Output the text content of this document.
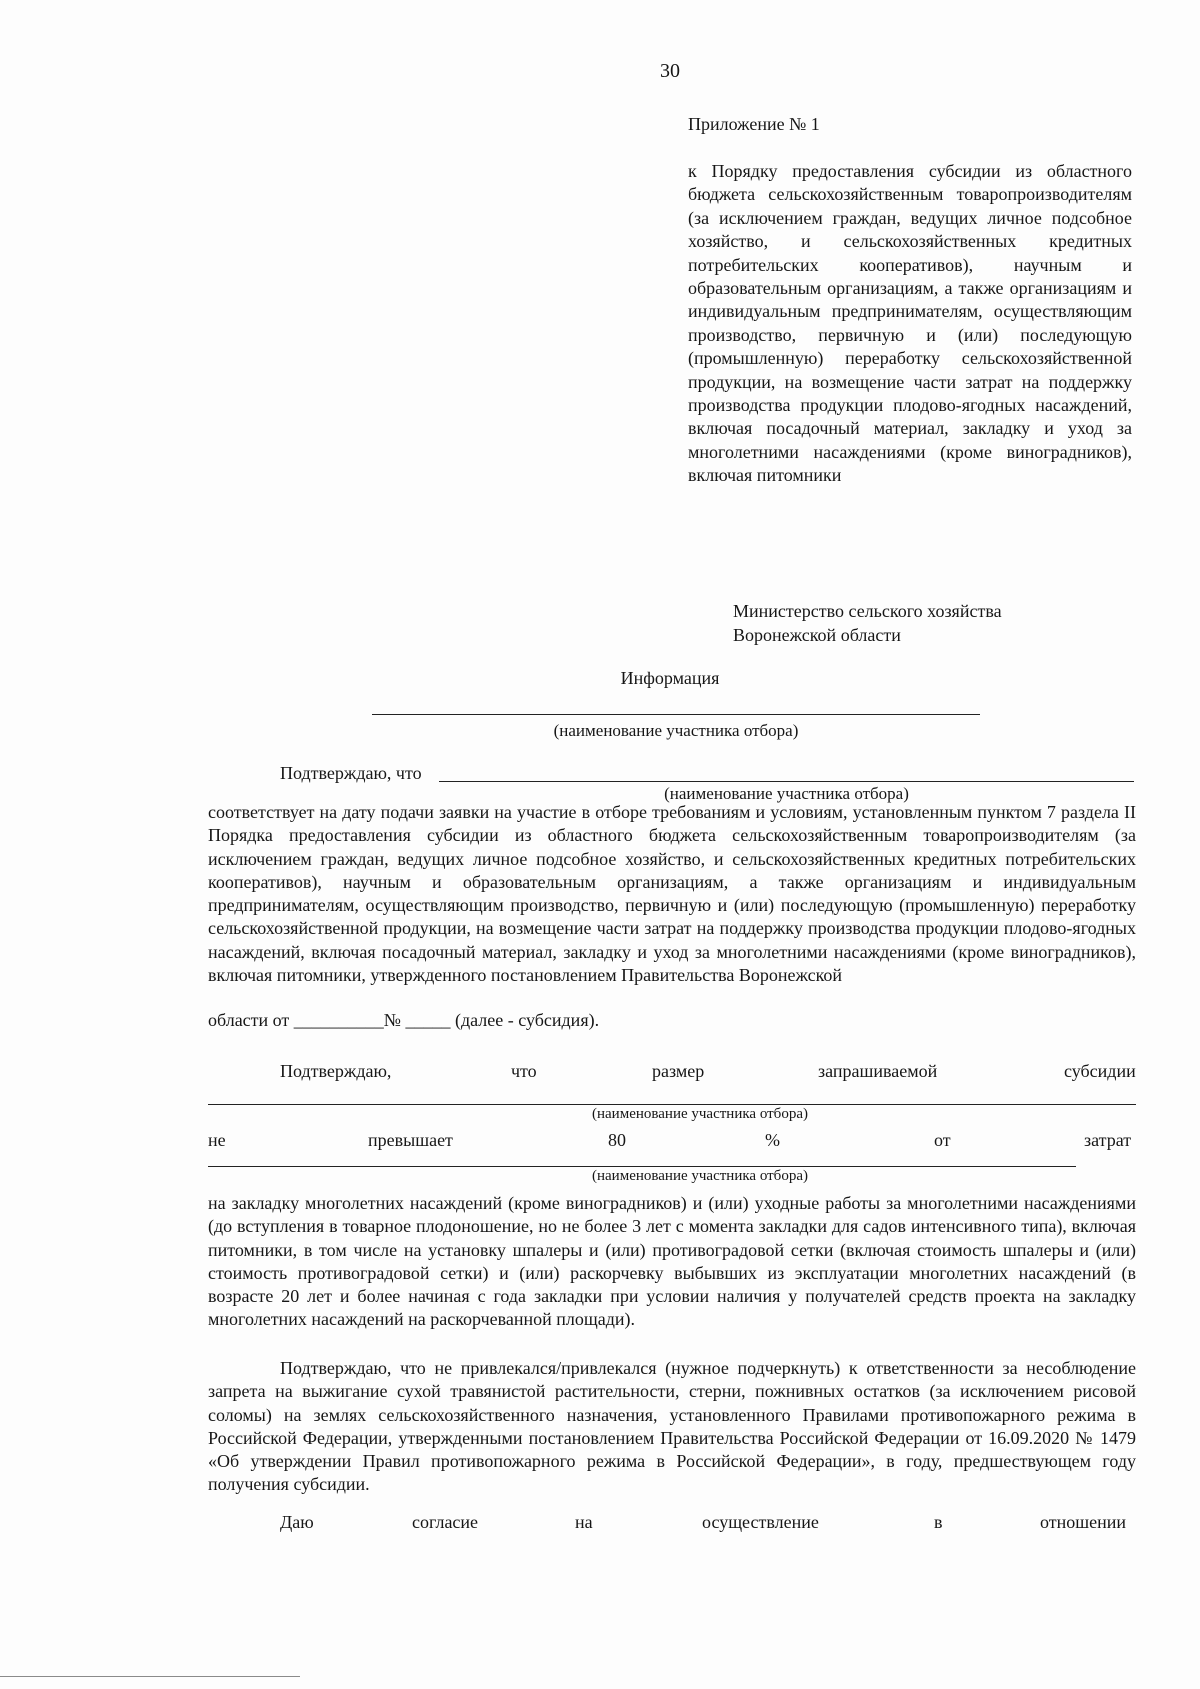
30
Приложение № 1
к Порядку предоставления субсидии из областного бюджета сельскохозяйственным товаропроизводителям (за исключением граждан, ведущих личное подсобное хозяйство, и сельскохозяйственных кредитных потребительских кооперативов), научным и образовательным организациям, а также организациям и индивидуальным предпринимателям, осуществляющим производство, первичную и (или) последующую (промышленную) переработку сельскохозяйственной продукции, на возмещение части затрат на поддержку производства продукции плодово-ягодных насаждений, включая посадочный материал, закладку и уход за многолетними насаждениями (кроме виноградников), включая питомники
Министерство сельского хозяйства
Воронежской области
Информация
(наименование участника отбора)
Подтверждаю, что
(наименование участника отбора)
соответствует на дату подачи заявки на участие в отборе требованиям и условиям, установленным пунктом 7 раздела II Порядка предоставления субсидии из областного бюджета сельскохозяйственным товаропроизводителям (за исключением граждан, ведущих личное подсобное хозяйство, и сельскохозяйственных кредитных потребительских кооперативов), научным и образовательным организациям, а также организациям и индивидуальным предпринимателям, осуществляющим производство, первичную и (или) последующую (промышленную) переработку сельскохозяйственной продукции, на возмещение части затрат на поддержку производства продукции плодово-ягодных насаждений, включая посадочный материал, закладку и уход за многолетними насаждениями (кроме виноградников), включая питомники, утвержденного постановлением Правительства Воронежской
области от __________№ _____ (далее - субсидия).
Подтверждаю,	что	размер	запрашиваемой	субсидии
(наименование участника отбора)
не	превышает	80	%	от	затрат
(наименование участника отбора)
на закладку многолетних насаждений (кроме виноградников) и (или) уходные работы за многолетними насаждениями (до вступления в товарное плодоношение, но не более 3 лет с момента закладки для садов интенсивного типа), включая питомники, в том числе на установку шпалеры и (или) противоградовой сетки (включая стоимость шпалеры и (или) стоимость противоградовой сетки) и (или) раскорчевку выбывших из эксплуатации многолетних насаждений (в возрасте 20 лет и более начиная с года закладки при условии наличия у получателей средств проекта на закладку многолетних насаждений на раскорчеванной площади).
Подтверждаю, что не привлекался/привлекался (нужное подчеркнуть) к ответственности за несоблюдение запрета на выжигание сухой травянистой растительности, стерни, пожнивных остатков (за исключением рисовой соломы) на землях сельскохозяйственного назначения, установленного Правилами противопожарного режима в Российской Федерации, утвержденными постановлением Правительства Российской Федерации от 16.09.2020 № 1479 «Об утверждении Правил противопожарного режима в Российской Федерации», в году, предшествующем году получения субсидии.
Даю	согласие	на	осуществление	в	отношении
